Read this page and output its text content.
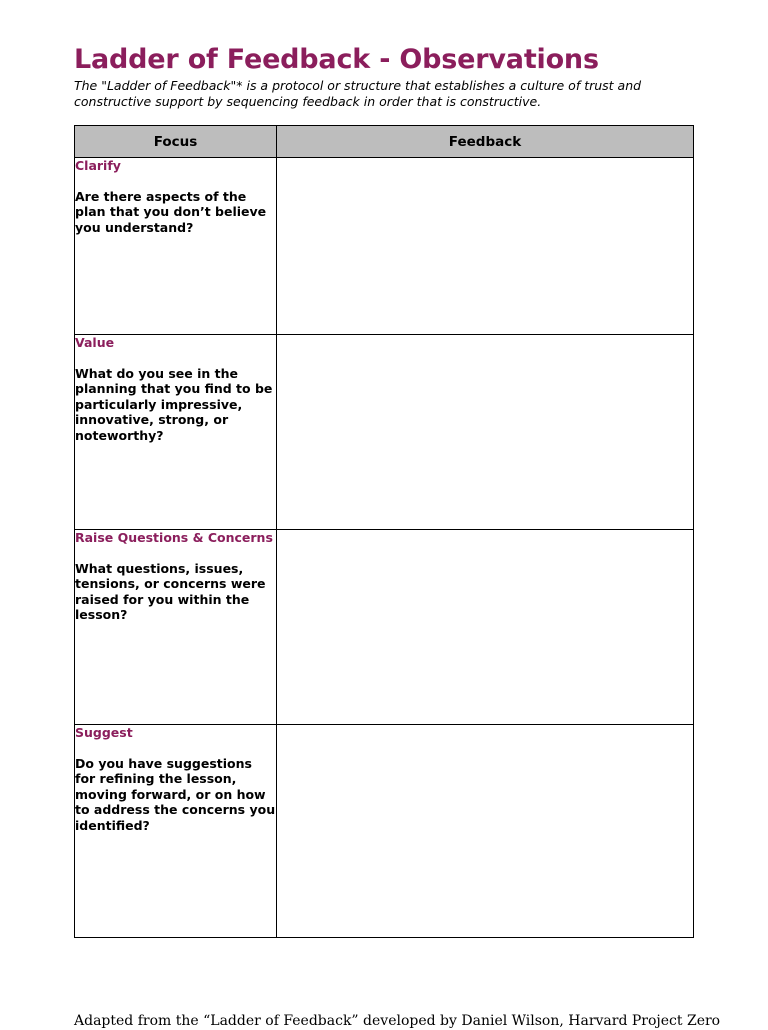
Ladder of Feedback - Observations
The "Ladder of Feedback"* is a protocol or structure that establishes a culture of trust and constructive support by sequencing feedback in order that is constructive.
Focus	Feedback

Clarify
Are there aspects of the plan that you don’t believe you understand?	

Value
What do you see in the planning that you find to be particularly impressive, innovative, strong, or noteworthy?	

Raise Questions & Concerns
What questions, issues, tensions, or concerns were raised for you within the lesson?	

Suggest
Do you have suggestions for refining the lesson, moving forward, or on how to address the concerns you identified?	

Adapted from the “Ladder of Feedback” developed by Daniel Wilson, Harvard Project Zero
